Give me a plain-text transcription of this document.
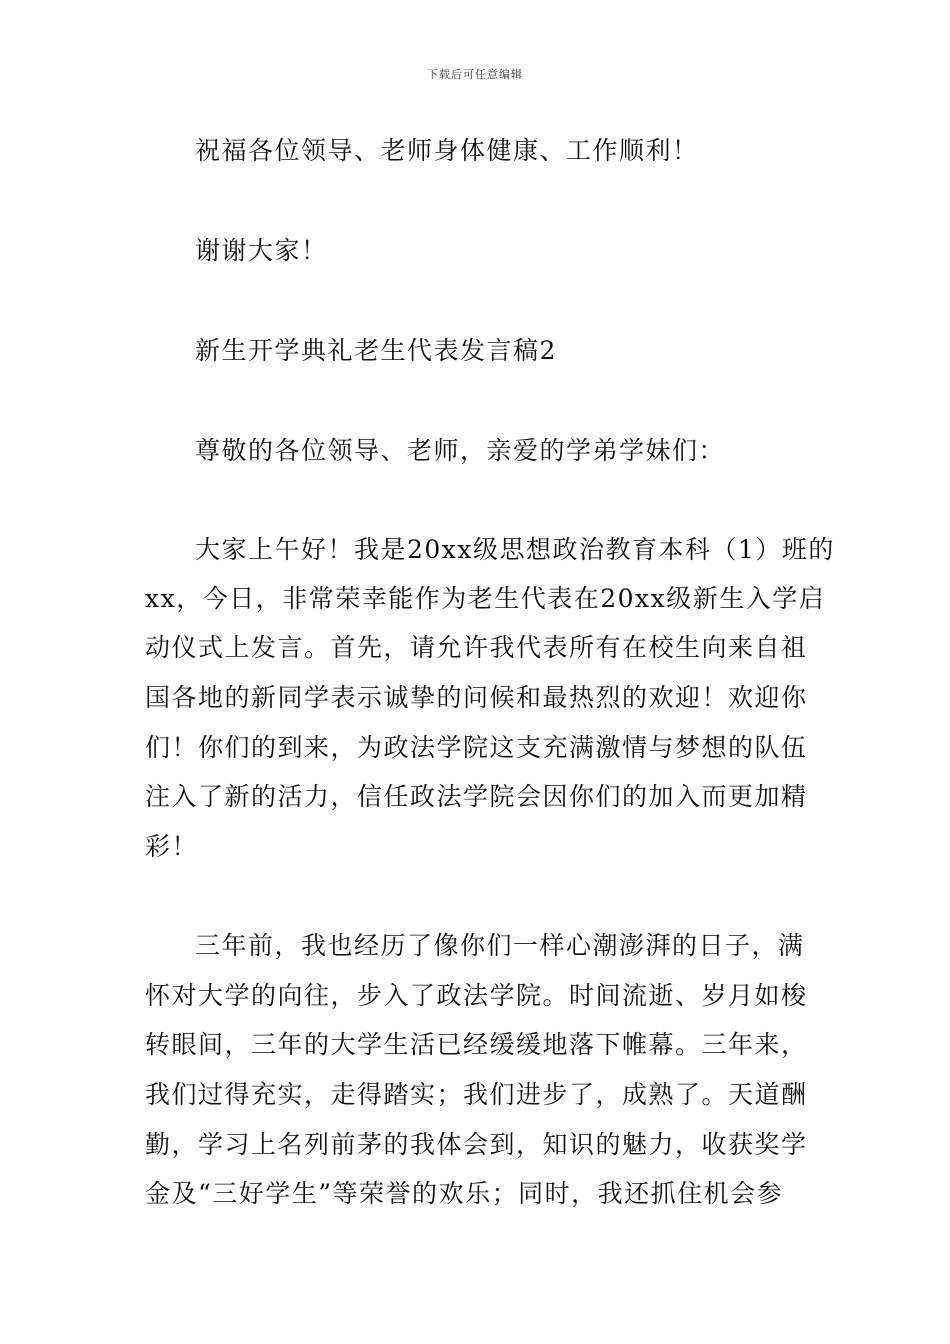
下载后可任意编辑
祝福各位领导、老师身体健康、工作顺利！
谢谢大家！
新生开学典礼老生代表发言稿2
尊敬的各位领导、老师，亲爱的学弟学妹们：
大家上午好！我是20xx级思想政治教育本科（1）班的
xx，今日，非常荣幸能作为老生代表在20xx级新生入学启
动仪式上发言。首先，请允许我代表所有在校生向来自祖
国各地的新同学表示诚挚的问候和最热烈的欢迎！欢迎你
们！你们的到来，为政法学院这支充满激情与梦想的队伍
注入了新的活力，信任政法学院会因你们的加入而更加精
彩！
三年前，我也经历了像你们一样心潮澎湃的日子，满
怀对大学的向往，步入了政法学院。时间流逝、岁月如梭
转眼间，三年的大学生活已经缓缓地落下帷幕。三年来，
我们过得充实，走得踏实；我们进步了，成熟了。天道酬
勤，学习上名列前茅的我体会到，知识的魅力，收获奖学
金及“三好学生”等荣誉的欢乐；同时，我还抓住机会参
